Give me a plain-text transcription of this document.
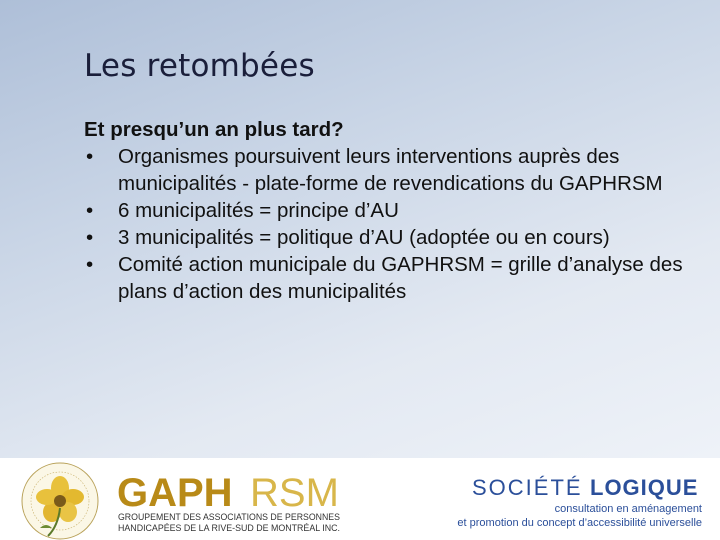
Les retombées
Et presqu’un an plus tard?
• Organismes poursuivent leurs interventions auprès des municipalités - plate-forme de revendications du GAPHRSM
• 6 municipalités = principe d’AU
• 3 municipalités = politique d’AU (adoptée ou en cours)
• Comité action municipale du GAPHRSM = grille d’analyse des plans d’action des municipalités
GAPH RSM
GROUPEMENT DES ASSOCIATIONS DE PERSONNES
HANDICAPÉES DE LA RIVE-SUD DE MONTRÉAL INC.
SOCIÉTÉ LOGIQUE
consultation en aménagement
et promotion du concept d’accessibilité universelle
